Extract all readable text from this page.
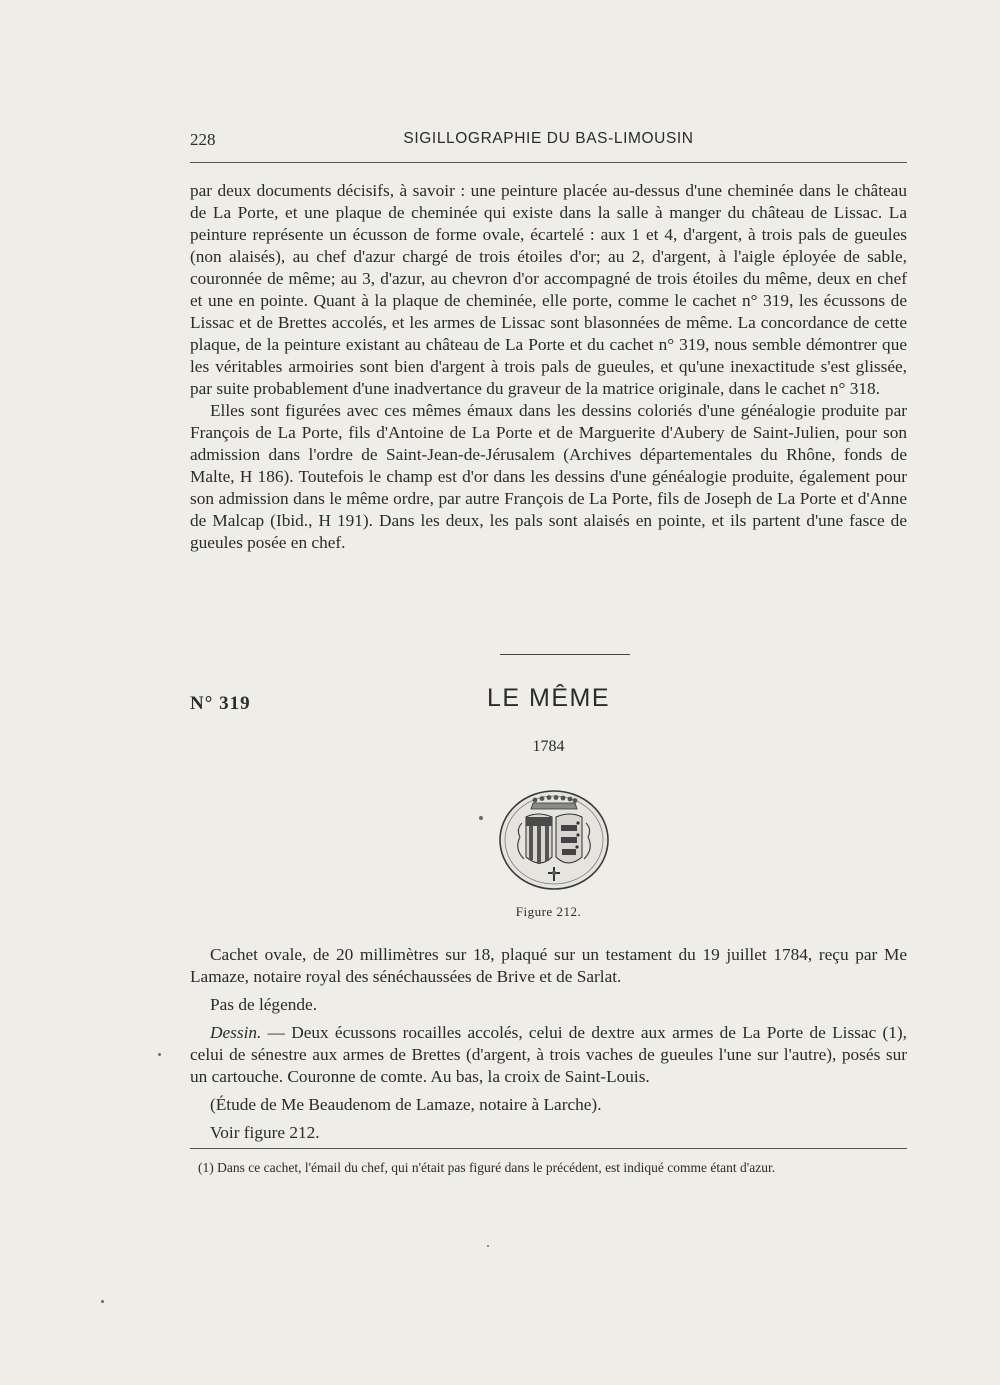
228	SIGILLOGRAPHIE DU BAS-LIMOUSIN

par deux documents décisifs, à savoir : une peinture placée au-dessus d'une cheminée dans le château de La Porte, et une plaque de cheminée qui existe dans la salle à manger du château de Lissac. La peinture représente un écusson de forme ovale, écartelé : aux 1 et 4, d'argent, à trois pals de gueules (non alaisés), au chef d'azur chargé de trois étoiles d'or; au 2, d'argent, à l'aigle éployée de sable, couronnée de même; au 3, d'azur, au chevron d'or accompagné de trois étoiles du même, deux en chef et une en pointe. Quant à la plaque de cheminée, elle porte, comme le cachet n° 319, les écussons de Lissac et de Brettes accolés, et les armes de Lissac sont blasonnées de même. La concordance de cette plaque, de la peinture existant au château de La Porte et du cachet n° 319, nous semble démontrer que les véritables armoiries sont bien d'argent à trois pals de gueules, et qu'une inexactitude s'est glissée, par suite probablement d'une inadvertance du graveur de la matrice originale, dans le cachet n° 318.

Elles sont figurées avec ces mêmes émaux dans les dessins coloriés d'une généalogie produite par François de La Porte, fils d'Antoine de La Porte et de Marguerite d'Aubery de Saint-Julien, pour son admission dans l'ordre de Saint-Jean-de-Jérusalem (Archives départementales du Rhône, fonds de Malte, H 186). Toutefois le champ est d'or dans les dessins d'une généalogie produite, également pour son admission dans le même ordre, par autre François de La Porte, fils de Joseph de La Porte et d'Anne de Malcap (Ibid., H 191). Dans les deux, les pals sont alaisés en pointe, et ils partent d'une fasce de gueules posée en chef.

N° 319	LE MÊME
1784
Figure 212.

Cachet ovale, de 20 millimètres sur 18, plaqué sur un testament du 19 juillet 1784, reçu par Me Lamaze, notaire royal des sénéchaussées de Brive et de Sarlat.

Pas de légende.

Dessin. — Deux écussons rocailles accolés, celui de dextre aux armes de La Porte de Lissac (1), celui de sénestre aux armes de Brettes (d'argent, à trois vaches de gueules l'une sur l'autre), posés sur un cartouche. Couronne de comte. Au bas, la croix de Saint-Louis.

(Étude de Me Beaudenom de Lamaze, notaire à Larche).

Voir figure 212.

(1) Dans ce cachet, l'émail du chef, qui n'était pas figuré dans le précédent, est indiqué comme étant d'azur.
